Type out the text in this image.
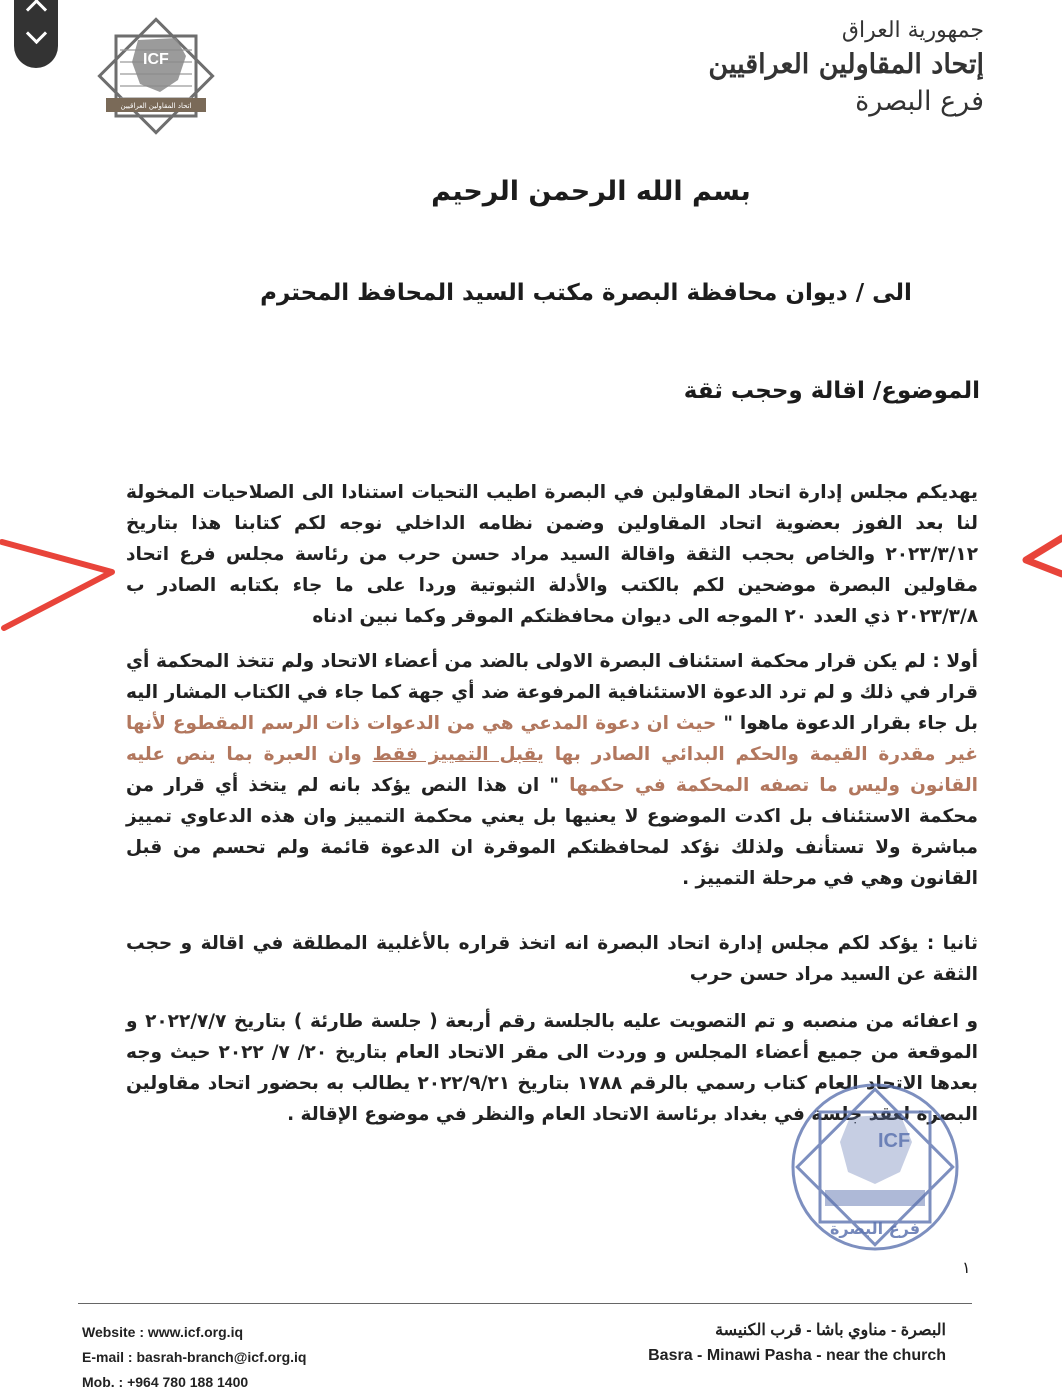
ICF
اتحاد المقاولين العراقيين
جمهورية العراق
إتحاد المقاولين العراقيين
فرع البصرة
بسم الله الرحمن الرحيم
الى / ديوان محافظة البصرة مكتب السيد المحافظ المحترم
الموضوع/ اقالة وحجب ثقة
يهديكم مجلس إدارة اتحاد المقاولين في البصرة اطيب التحيات استنادا الى الصلاحيات المخولة لنا بعد الفوز بعضوية اتحاد المقاولين وضمن نظامه الداخلي نوجه لكم كتابنا هذا بتاريخ ٢٠٢٣/٣/١٢ والخاص بحجب الثقة واقالة السيد مراد حسن حرب من رئاسة مجلس فرع اتحاد مقاولين البصرة موضحين لكم بالكتب والأدلة الثبوتية وردا على ما جاء بكتابه الصادر ب ٢٠٢٣/٣/٨ ذي العدد ٢٠ الموجه الى ديوان محافظتكم الموقر وكما نبين ادناه
أولا : لم يكن قرار محكمة استئناف البصرة الاولى بالضد من أعضاء الاتحاد ولم تتخذ المحكمة أي قرار في ذلك و لم ترد الدعوة الاستئنافية المرفوعة ضد أي جهة كما جاء في الكتاب المشار اليه بل جاء بقرار الدعوة ماهوا " حيث ان دعوة المدعي هي من الدعوات ذات الرسم المقطوع لأنها غير مقدرة القيمة والحكم البدائي الصادر بها يقبل التمييز فقط وان العبرة بما ينص عليه القانون وليس ما تصفه المحكمة في حكمها " ان هذا النص يؤكد بانه لم يتخذ أي قرار من محكمة الاستئناف بل اكدت الموضوع لا يعنيها بل يعني محكمة التمييز وان هذه الدعاوي تمييز مباشرة ولا تستأنف ولذلك نؤكد لمحافظتكم الموقرة ان الدعوة قائمة ولم تحسم من قبل القانون وهي في مرحلة التمييز .
ثانيا : يؤكد لكم مجلس إدارة اتحاد البصرة انه اتخذ قراره بالأغلبية المطلقة في اقالة و حجب الثقة عن السيد مراد حسن حرب
و اعفائه من منصبه و تم التصويت عليه بالجلسة رقم أربعة ( جلسة طارئة ) بتاريخ ٢٠٢٢/٧/٧ و الموقعة من جميع أعضاء المجلس و وردت الى مقر الاتحاد العام بتاريخ ٢٠/ ٧/ ٢٠٢٢ حيث وجه بعدها الاتحاد العام كتاب رسمي بالرقم ١٧٨٨ بتاريخ ٢٠٢٢/٩/٢١ يطالب به بحضور اتحاد مقاولين البصرة لعقد جلسة في بغداد برئاسة الاتحاد العام والنظر في موضوع الإقالة .
ICF
فرع البصرة
١
Website : www.icf.org.iq
E-mail : basrah-branch@icf.org.iq
Mob. : +964 780 188 1400
البصرة - مناوي باشا - قرب الكنيسة
Basra - Minawi Pasha - near the church
